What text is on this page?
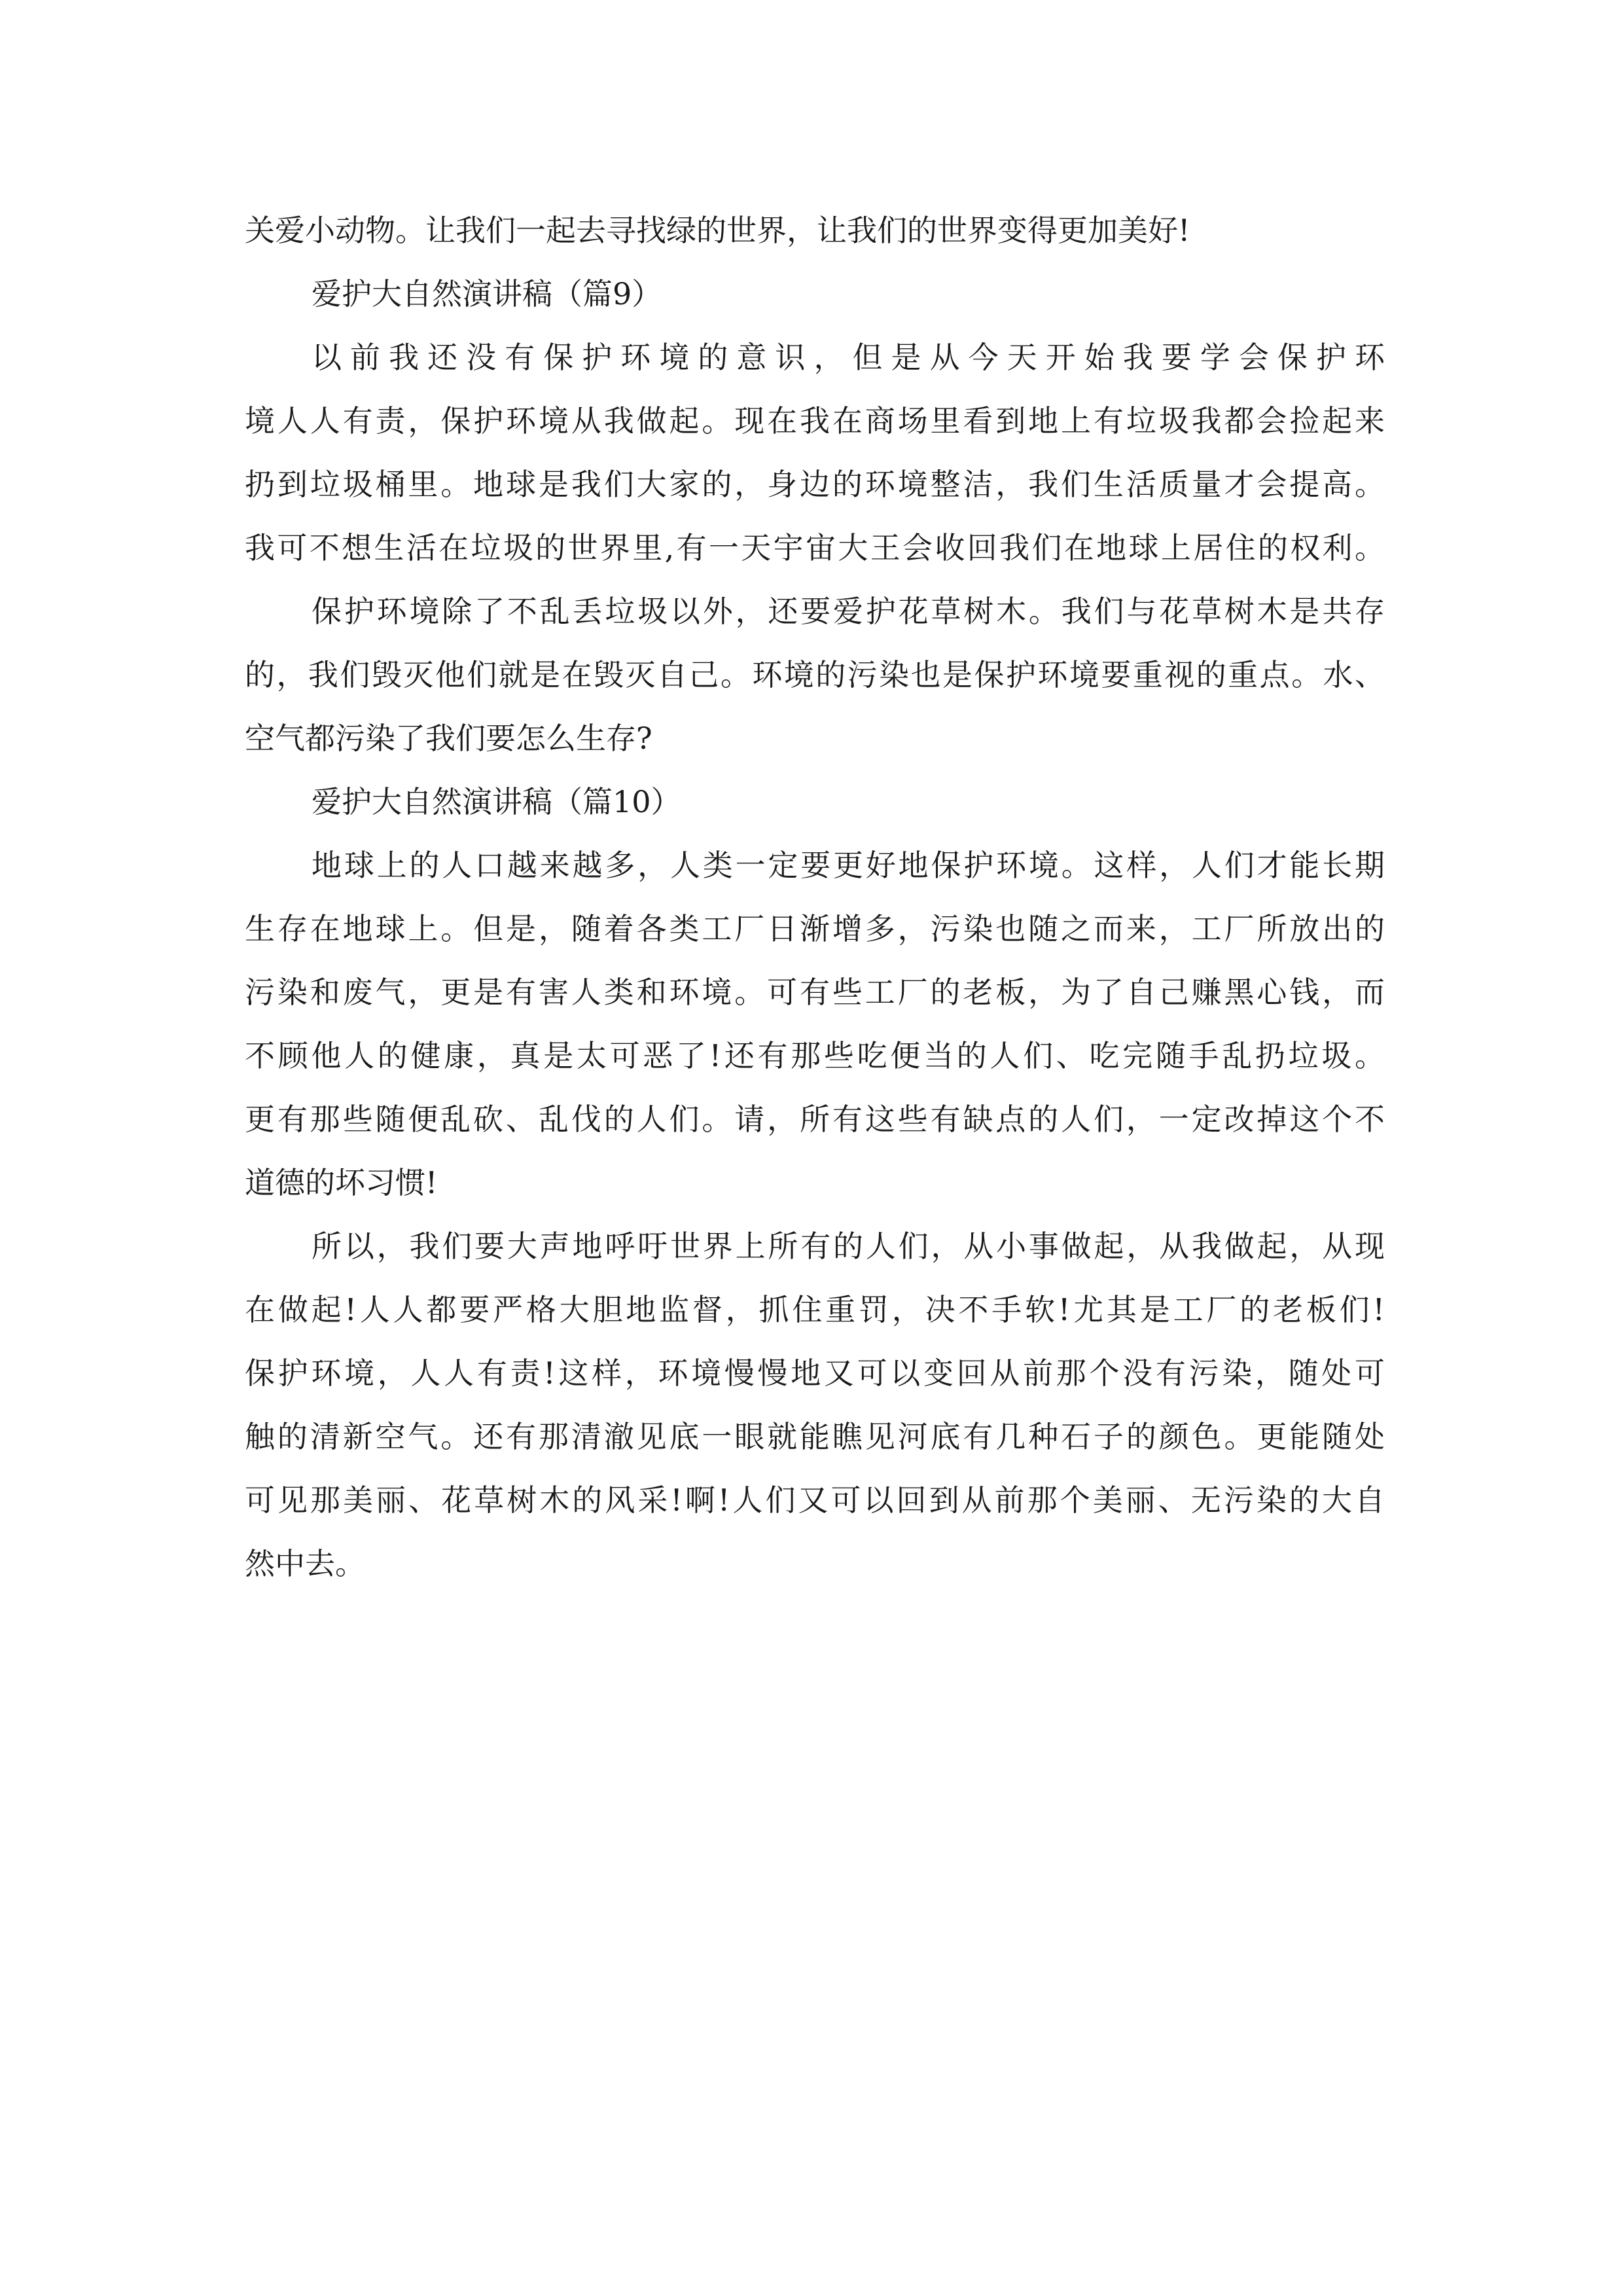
关爱小动物。让我们一起去寻找绿的世界，让我们的世界变得更加美好!
爱护大自然演讲稿（篇9）
以前我还没有保护环境的意识，但是从今天开始我要学会保护环
境人人有责，保护环境从我做起。现在我在商场里看到地上有垃圾我都会捡起来
扔到垃圾桶里。地球是我们大家的，身边的环境整洁，我们生活质量才会提高。
我可不想生活在垃圾的世界里,有一天宇宙大王会收回我们在地球上居住的权利。
保护环境除了不乱丢垃圾以外，还要爱护花草树木。我们与花草树木是共存
的，我们毁灭他们就是在毁灭自己。环境的污染也是保护环境要重视的重点。水、
空气都污染了我们要怎么生存?
爱护大自然演讲稿（篇10）
地球上的人口越来越多，人类一定要更好地保护环境。这样，人们才能长期
生存在地球上。但是，随着各类工厂日渐增多，污染也随之而来，工厂所放出的
污染和废气，更是有害人类和环境。可有些工厂的老板，为了自己赚黑心钱，而
不顾他人的健康，真是太可恶了!还有那些吃便当的人们、吃完随手乱扔垃圾。
更有那些随便乱砍、乱伐的人们。请，所有这些有缺点的人们，一定改掉这个不
道德的坏习惯!
所以，我们要大声地呼吁世界上所有的人们，从小事做起，从我做起，从现
在做起!人人都要严格大胆地监督，抓住重罚，决不手软!尤其是工厂的老板们!
保护环境，人人有责!这样，环境慢慢地又可以变回从前那个没有污染，随处可
触的清新空气。还有那清澈见底一眼就能瞧见河底有几种石子的颜色。更能随处
可见那美丽、花草树木的风采!啊!人们又可以回到从前那个美丽、无污染的大自
然中去。
